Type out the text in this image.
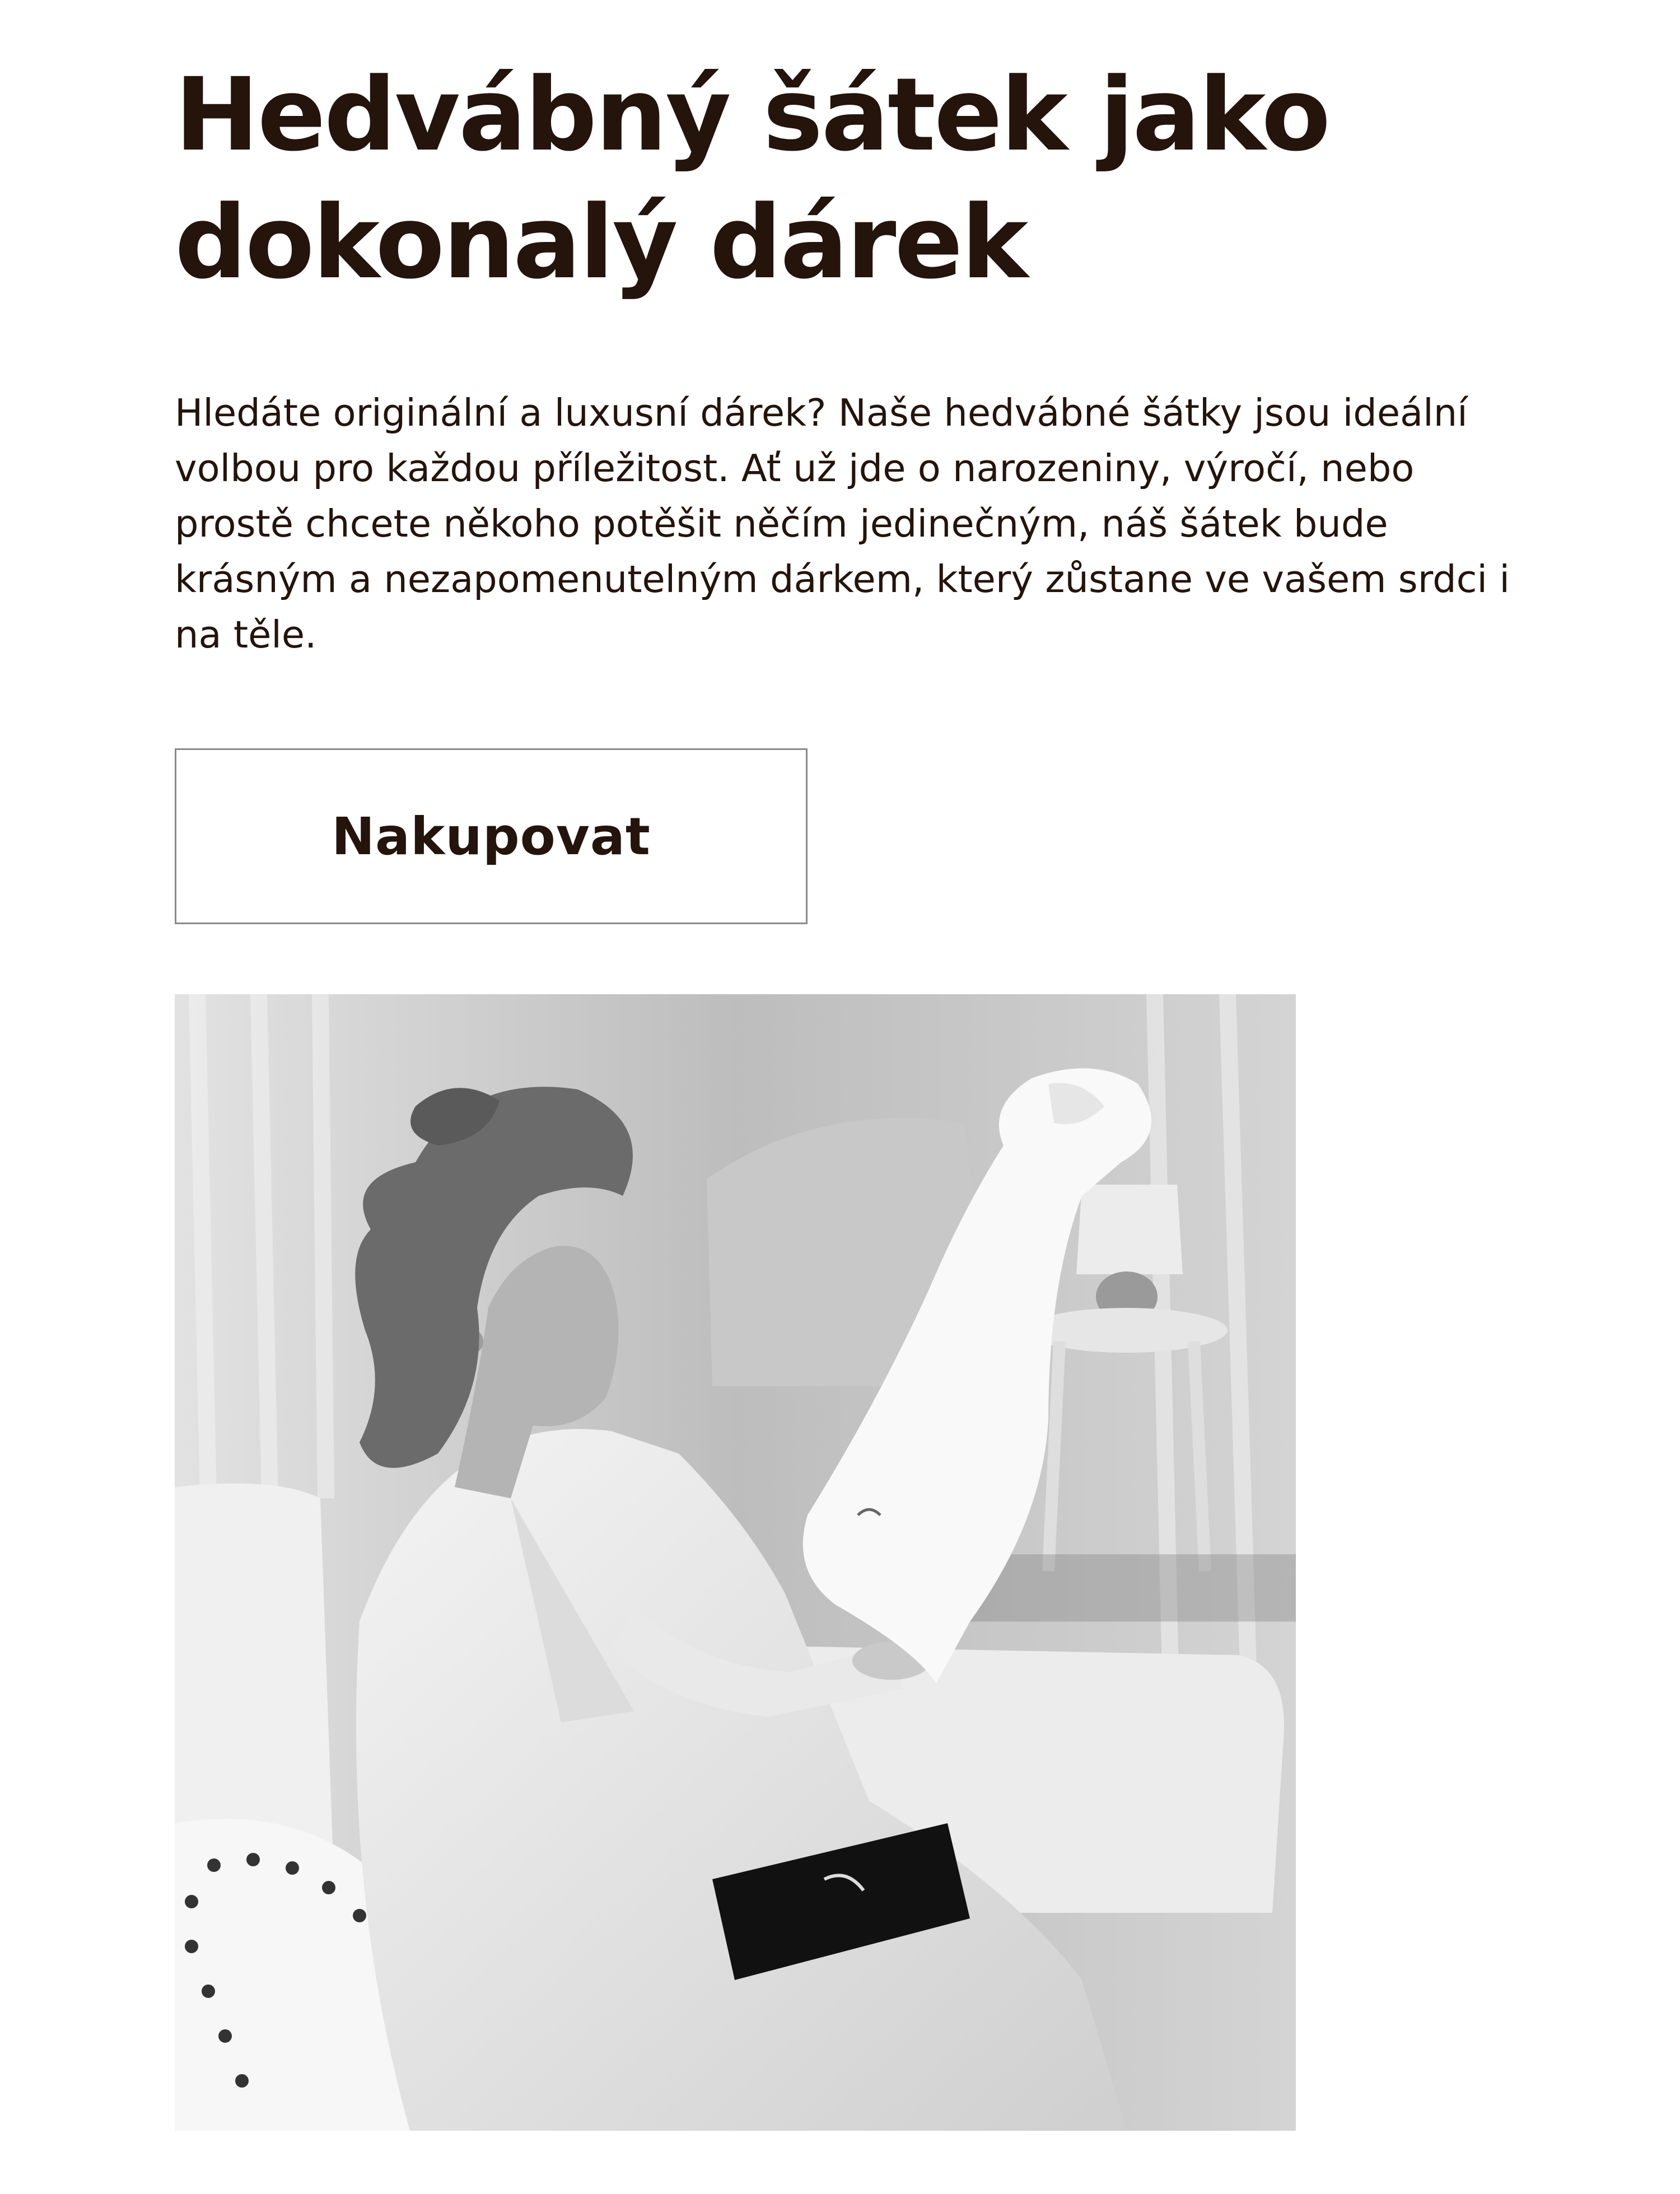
Hedvábný šátek jako dokonalý dárek

Hledáte originální a luxusní dárek? Naše hedvábné šátky jsou ideální volbou pro každou příležitost. Ať už jde o narozeniny, výročí, nebo prostě chcete někoho potěšit něčím jedinečným, náš šátek bude krásným a nezapomenutelným dárkem, který zůstane ve vašem srdci i na těle.

Nakupovat
